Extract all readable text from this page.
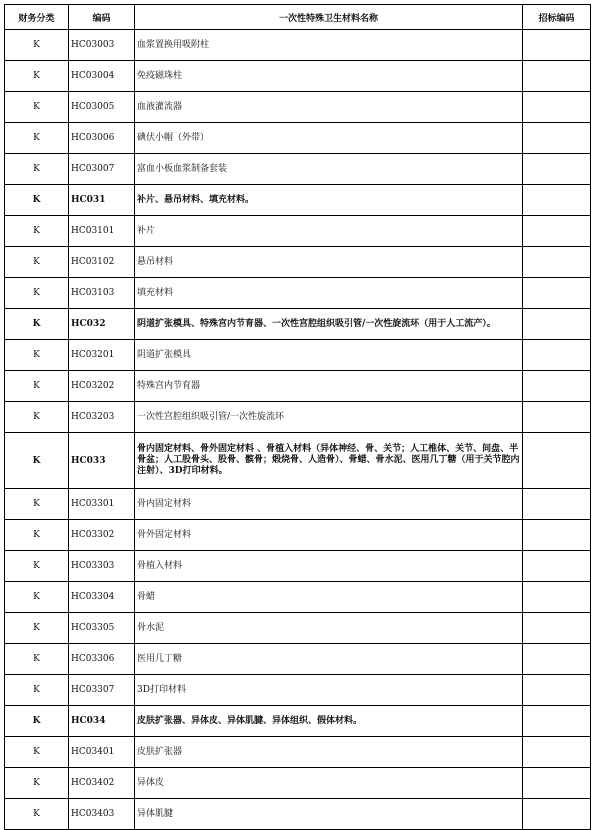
财务分类	编码	一次性特殊卫生材料名称	招标编码
K	HC03003	血浆置换用吸附柱	
K	HC03004	免疫磁珠柱	
K	HC03005	血液灌流器	
K	HC03006	碘伏小帽（外带）	
K	HC03007	富血小板血浆制备套装	
K	HC031	补片、悬吊材料、填充材料。	
K	HC03101	补片	
K	HC03102	悬吊材料	
K	HC03103	填充材料	
K	HC032	阴道扩张模具、特殊宫内节育器、一次性宫腔组织吸引管/一次性旋流环（用于人工流产）。	
K	HC03201	阴道扩张模具	
K	HC03202	特殊宫内节育器	
K	HC03203	一次性宫腔组织吸引管/一次性旋流环	
K	HC033	骨内固定材料、骨外固定材料 、骨植入材料（异体神经、骨、关节；人工椎体、关节、间盘、半骨盆；人工股骨头、股骨、髌骨；煅烧骨、人造骨）、骨蜡、骨水泥、医用几丁糖（用于关节腔内注射）、3D打印材料。	
K	HC03301	骨内固定材料	
K	HC03302	骨外固定材料	
K	HC03303	骨植入材料	
K	HC03304	骨蜡	
K	HC03305	骨水泥	
K	HC03306	医用几丁糖	
K	HC03307	3D打印材料	
K	HC034	皮肤扩张器、异体皮、异体肌腱、异体组织、假体材料。	
K	HC03401	皮肤扩张器	
K	HC03402	异体皮	
K	HC03403	异体肌腱	
